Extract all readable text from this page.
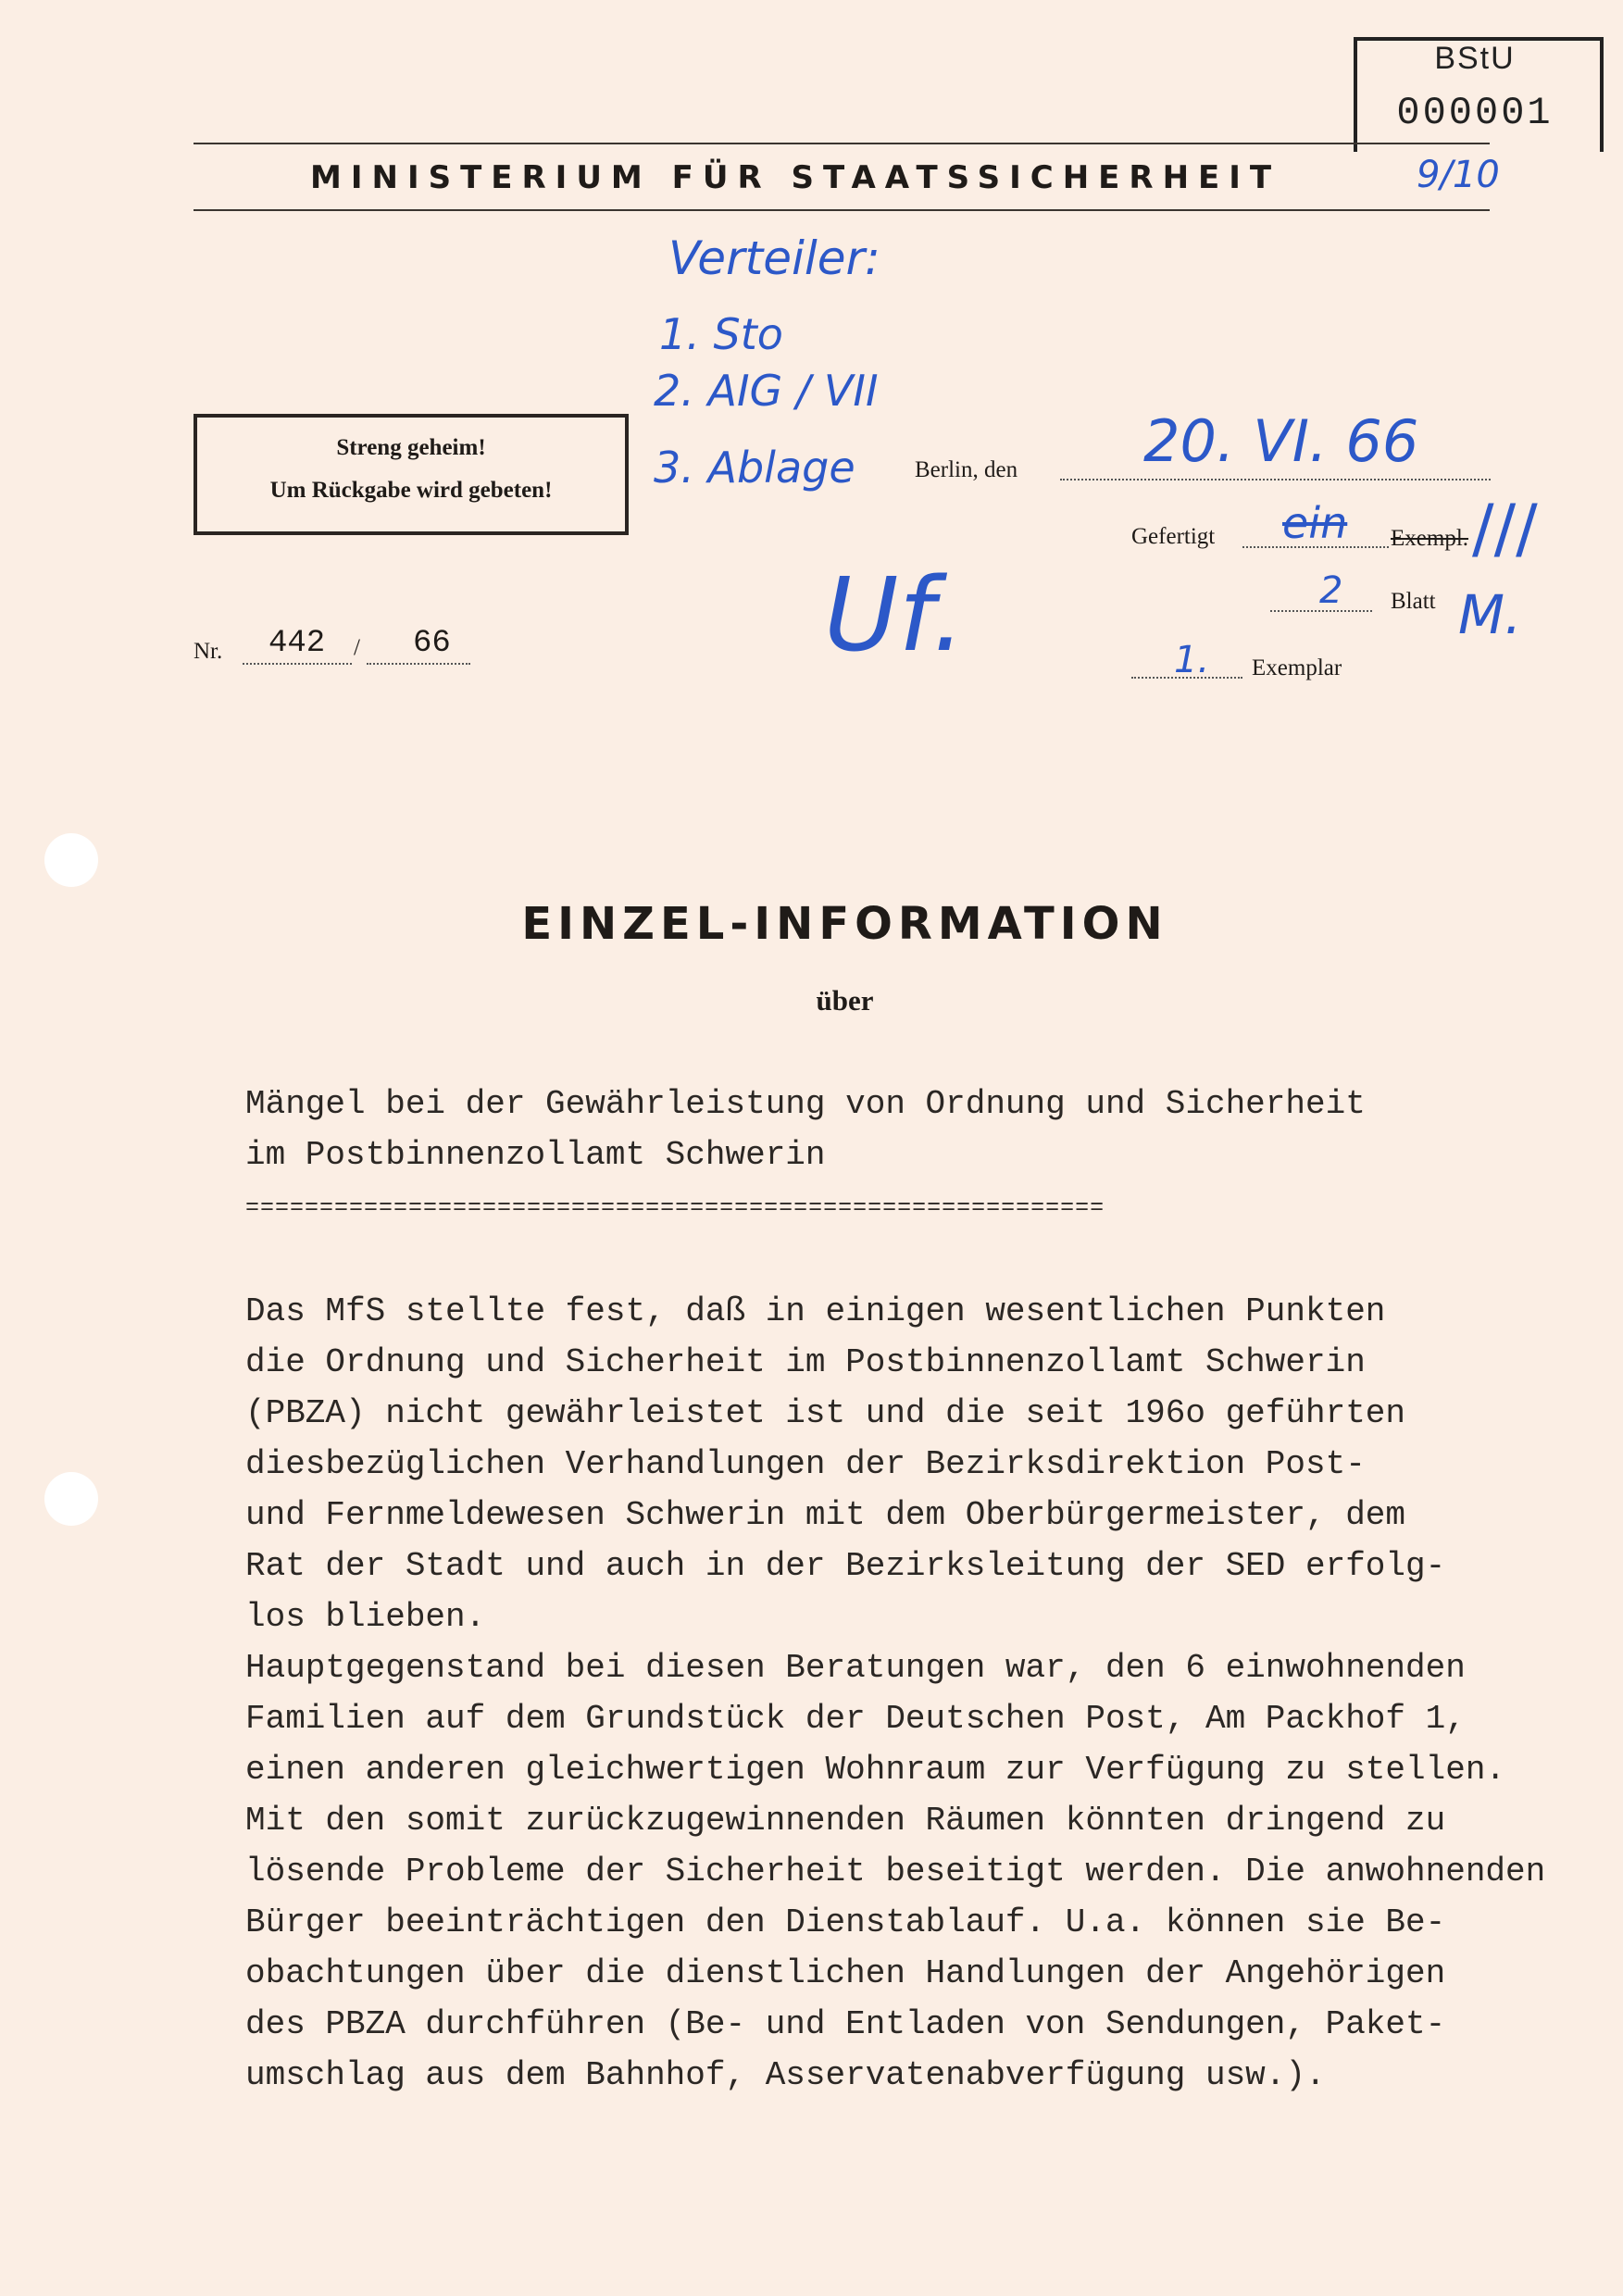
BStU
000001
MINISTERIUM FÜR STAATSSICHERHEIT	9/10
Verteiler:
1. Sto
2. AIG / VII
3. Ablage
Streng geheim!
Um Rückgabe wird gebeten!
Berlin, den 20. VI. 66
Gefertigt ein Exempl.
2 Blatt
1. Exemplar
///
M.
Nr. 442 / 66	Uf.
EINZEL-INFORMATION
über
Mängel bei der Gewährleistung von Ordnung und Sicherheit
im Postbinnenzollamt Schwerin
==========================================================
Das MfS stellte fest, daß in einigen wesentlichen Punkten
die Ordnung und Sicherheit im Postbinnenzollamt Schwerin
(PBZA) nicht gewährleistet ist und die seit 196o geführten
diesbezüglichen Verhandlungen der Bezirksdirektion Post-
und Fernmeldewesen Schwerin mit dem Oberbürgermeister, dem
Rat der Stadt und auch in der Bezirksleitung der SED erfolg-
los blieben.
Hauptgegenstand bei diesen Beratungen war, den 6 einwohnenden
Familien auf dem Grundstück der Deutschen Post, Am Packhof 1,
einen anderen gleichwertigen Wohnraum zur Verfügung zu stellen.
Mit den somit zurückzugewinnenden Räumen könnten dringend zu
lösende Probleme der Sicherheit beseitigt werden. Die anwohnenden
Bürger beeinträchtigen den Dienstablauf. U.a. können sie Be-
obachtungen über die dienstlichen Handlungen der Angehörigen
des PBZA durchführen (Be- und Entladen von Sendungen, Paket-
umschlag aus dem Bahnhof, Asservatenabverfügung usw.).
